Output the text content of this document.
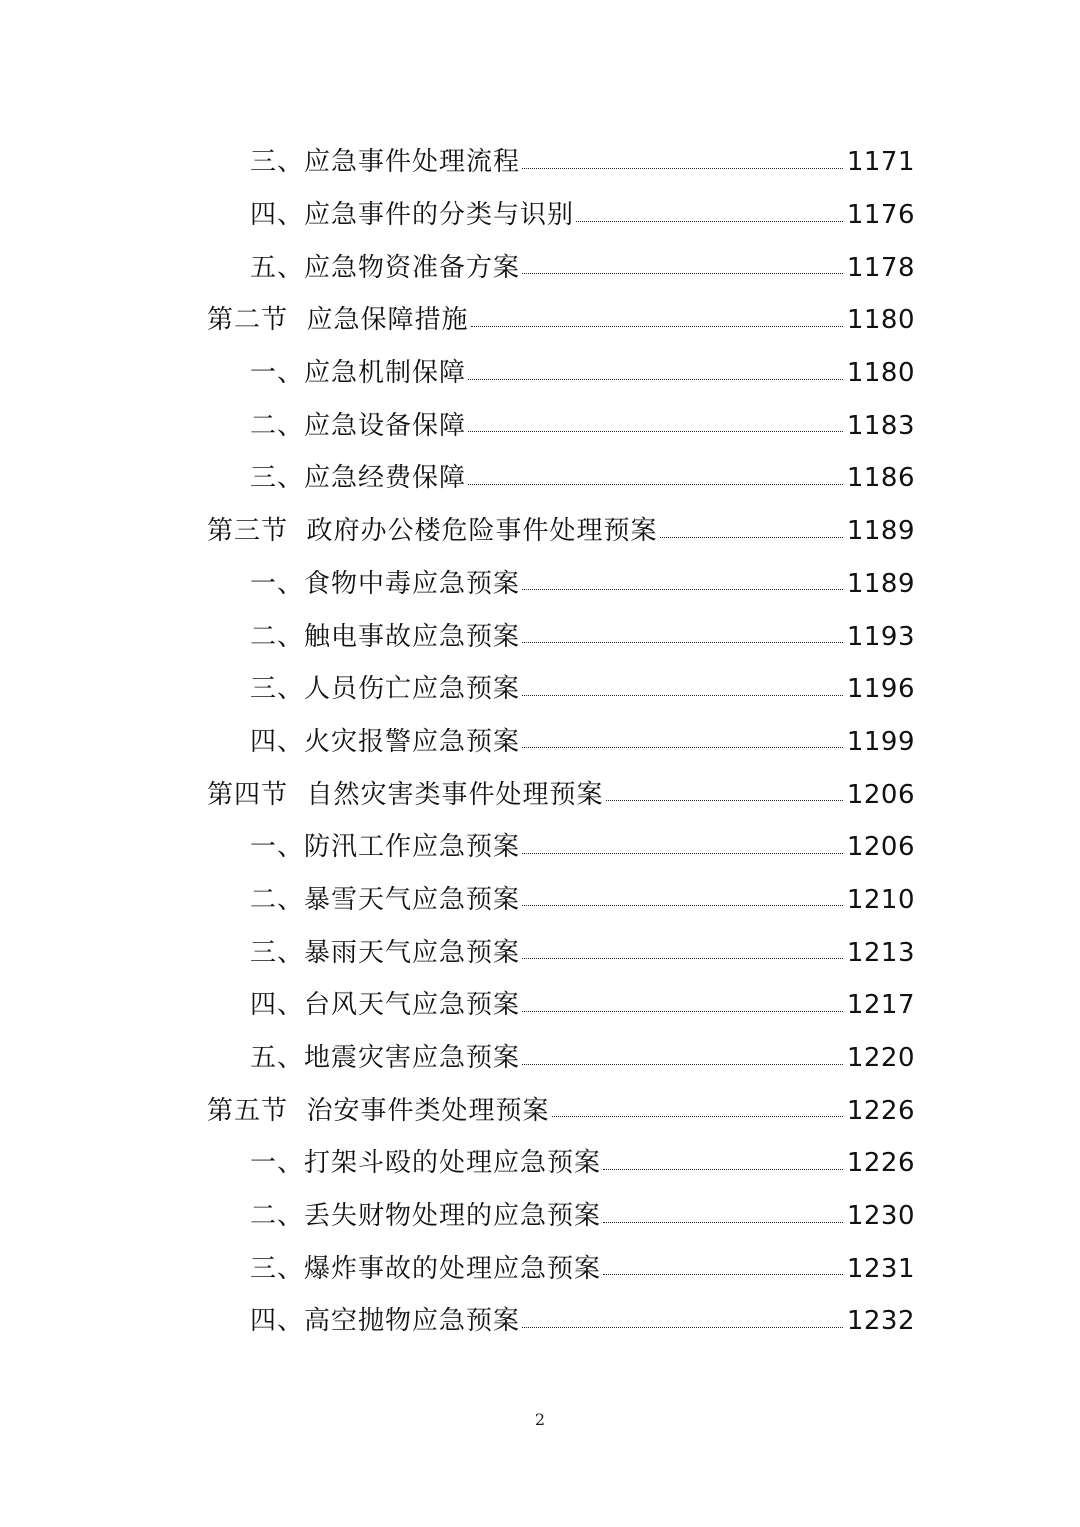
三、 应急事件处理流程	1171
四、 应急事件的分类与识别	1176
五、 应急物资准备方案	1178
第二节 应急保障措施	1180
一、 应急机制保障	1180
二、 应急设备保障	1183
三、 应急经费保障	1186
第三节 政府办公楼危险事件处理预案	1189
一、 食物中毒应急预案	1189
二、 触电事故应急预案	1193
三、 人员伤亡应急预案	1196
四、 火灾报警应急预案	1199
第四节 自然灾害类事件处理预案	1206
一、 防汛工作应急预案	1206
二、 暴雪天气应急预案	1210
三、 暴雨天气应急预案	1213
四、 台风天气应急预案	1217
五、 地震灾害应急预案	1220
第五节 治安事件类处理预案	1226
一、 打架斗殴的处理应急预案	1226
二、 丢失财物处理的应急预案	1230
三、 爆炸事故的处理应急预案	1231
四、 高空抛物应急预案	1232
2
